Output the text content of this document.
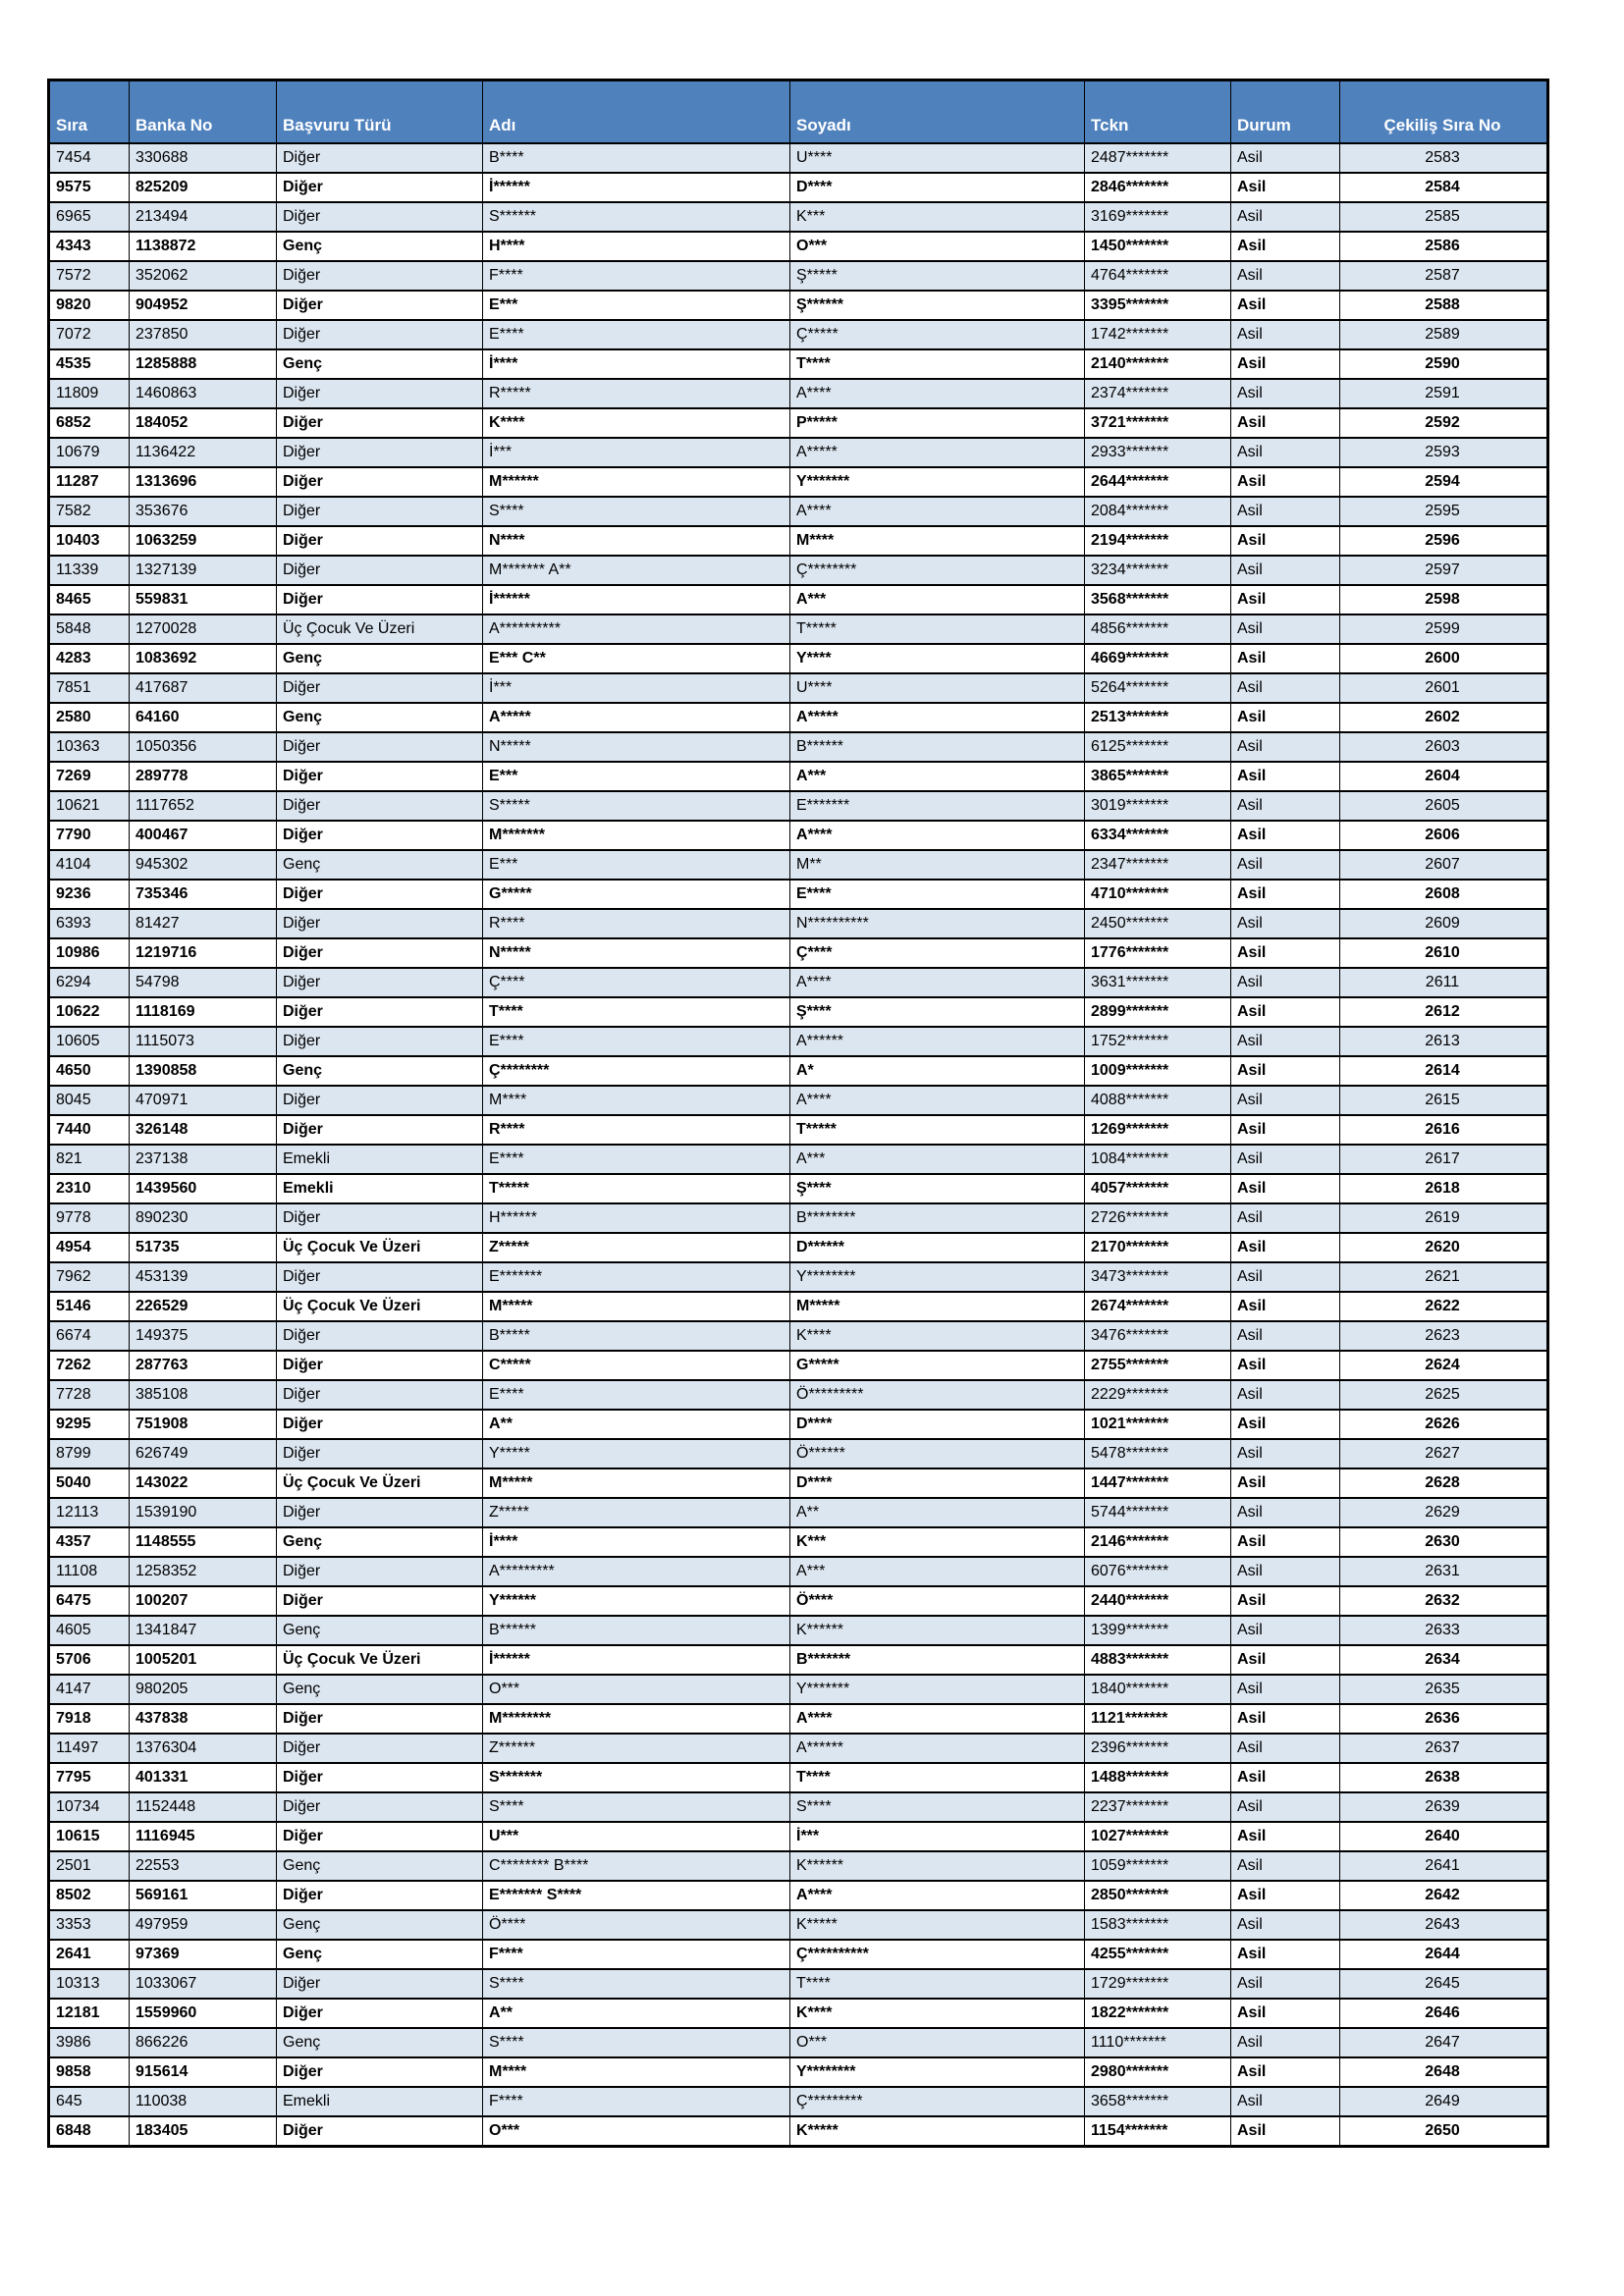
Sıra	Banka No	Başvuru Türü	Adı	Soyadı	Tckn	Durum	Çekiliş Sıra No
7454	330688	Diğer	B****	U****	2487*******	Asil	2583
9575	825209	Diğer	İ******	D****	2846*******	Asil	2584
6965	213494	Diğer	S******	K***	3169*******	Asil	2585
4343	1138872	Genç	H****	O***	1450*******	Asil	2586
7572	352062	Diğer	F****	Ş*****	4764*******	Asil	2587
9820	904952	Diğer	E***	Ş******	3395*******	Asil	2588
7072	237850	Diğer	E****	Ç*****	1742*******	Asil	2589
4535	1285888	Genç	İ****	T****	2140*******	Asil	2590
11809	1460863	Diğer	R*****	A****	2374*******	Asil	2591
6852	184052	Diğer	K****	P*****	3721*******	Asil	2592
10679	1136422	Diğer	İ***	A*****	2933*******	Asil	2593
11287	1313696	Diğer	M******	Y*******	2644*******	Asil	2594
7582	353676	Diğer	S****	A****	2084*******	Asil	2595
10403	1063259	Diğer	N****	M****	2194*******	Asil	2596
11339	1327139	Diğer	M******* A**	Ç********	3234*******	Asil	2597
8465	559831	Diğer	İ******	A***	3568*******	Asil	2598
5848	1270028	Üç Çocuk Ve Üzeri	A**********	T*****	4856*******	Asil	2599
4283	1083692	Genç	E*** C**	Y****	4669*******	Asil	2600
7851	417687	Diğer	İ***	U****	5264*******	Asil	2601
2580	64160	Genç	A*****	A*****	2513*******	Asil	2602
10363	1050356	Diğer	N*****	B******	6125*******	Asil	2603
7269	289778	Diğer	E***	A***	3865*******	Asil	2604
10621	1117652	Diğer	S*****	E*******	3019*******	Asil	2605
7790	400467	Diğer	M*******	A****	6334*******	Asil	2606
4104	945302	Genç	E***	M**	2347*******	Asil	2607
9236	735346	Diğer	G*****	E****	4710*******	Asil	2608
6393	81427	Diğer	R****	N**********	2450*******	Asil	2609
10986	1219716	Diğer	N*****	Ç****	1776*******	Asil	2610
6294	54798	Diğer	Ç****	A****	3631*******	Asil	2611
10622	1118169	Diğer	T****	Ş****	2899*******	Asil	2612
10605	1115073	Diğer	E****	A******	1752*******	Asil	2613
4650	1390858	Genç	Ç********	A*	1009*******	Asil	2614
8045	470971	Diğer	M****	A****	4088*******	Asil	2615
7440	326148	Diğer	R****	T*****	1269*******	Asil	2616
821	237138	Emekli	E****	A***	1084*******	Asil	2617
2310	1439560	Emekli	T*****	Ş****	4057*******	Asil	2618
9778	890230	Diğer	H******	B********	2726*******	Asil	2619
4954	51735	Üç Çocuk Ve Üzeri	Z*****	D******	2170*******	Asil	2620
7962	453139	Diğer	E*******	Y********	3473*******	Asil	2621
5146	226529	Üç Çocuk Ve Üzeri	M*****	M*****	2674*******	Asil	2622
6674	149375	Diğer	B*****	K****	3476*******	Asil	2623
7262	287763	Diğer	C*****	G*****	2755*******	Asil	2624
7728	385108	Diğer	E****	Ö*********	2229*******	Asil	2625
9295	751908	Diğer	A**	D****	1021*******	Asil	2626
8799	626749	Diğer	Y*****	Ö******	5478*******	Asil	2627
5040	143022	Üç Çocuk Ve Üzeri	M*****	D****	1447*******	Asil	2628
12113	1539190	Diğer	Z*****	A**	5744*******	Asil	2629
4357	1148555	Genç	İ****	K***	2146*******	Asil	2630
11108	1258352	Diğer	A*********	A***	6076*******	Asil	2631
6475	100207	Diğer	Y******	Ö****	2440*******	Asil	2632
4605	1341847	Genç	B******	K******	1399*******	Asil	2633
5706	1005201	Üç Çocuk Ve Üzeri	İ******	B*******	4883*******	Asil	2634
4147	980205	Genç	O***	Y*******	1840*******	Asil	2635
7918	437838	Diğer	M********	A****	1121*******	Asil	2636
11497	1376304	Diğer	Z******	A******	2396*******	Asil	2637
7795	401331	Diğer	S*******	T****	1488*******	Asil	2638
10734	1152448	Diğer	S****	S****	2237*******	Asil	2639
10615	1116945	Diğer	U***	İ***	1027*******	Asil	2640
2501	22553	Genç	C******** B****	K******	1059*******	Asil	2641
8502	569161	Diğer	E******* S****	A****	2850*******	Asil	2642
3353	497959	Genç	Ö****	K*****	1583*******	Asil	2643
2641	97369	Genç	F****	Ç**********	4255*******	Asil	2644
10313	1033067	Diğer	S****	T****	1729*******	Asil	2645
12181	1559960	Diğer	A**	K****	1822*******	Asil	2646
3986	866226	Genç	S****	O***	1110*******	Asil	2647
9858	915614	Diğer	M****	Y********	2980*******	Asil	2648
645	110038	Emekli	F****	Ç*********	3658*******	Asil	2649
6848	183405	Diğer	O***	K*****	1154*******	Asil	2650
